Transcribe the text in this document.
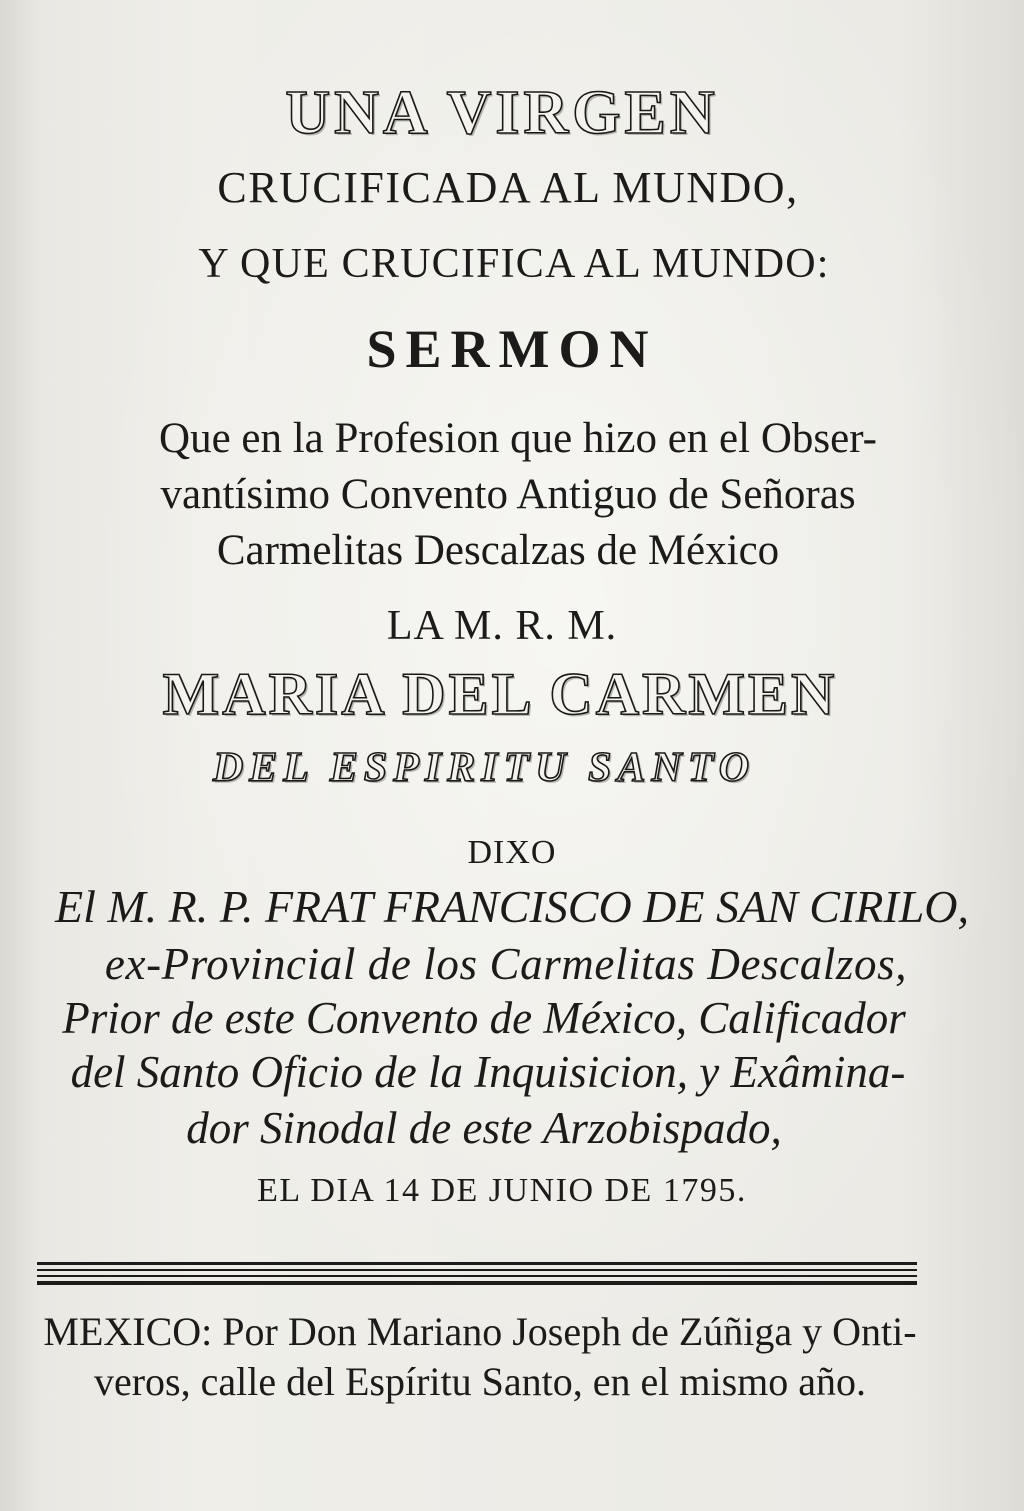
UNA VIRGEN
CRUCIFICADA AL MUNDO,
Y QUE CRUCIFICA AL MUNDO:
SERMON
Que en la Profesion que hizo en el Obser-
vantísimo Convento Antiguo de Señoras
Carmelitas Descalzas de México
LA M. R. M.
MARIA DEL CARMEN
DEL ESPIRITU SANTO
DIXO
El M. R. P. FRAT FRANCISCO DE SAN CIRILO,
ex-Provincial de los Carmelitas Descalzos,
Prior de este Convento de México, Calificador
del Santo Oficio de la Inquisicion, y Exâmina-
dor Sinodal de este Arzobispado,
EL DIA 14 DE JUNIO DE 1795.
MEXICO: Por Don Mariano Joseph de Zúñiga y Onti-
veros, calle del Espíritu Santo, en el mismo año.
